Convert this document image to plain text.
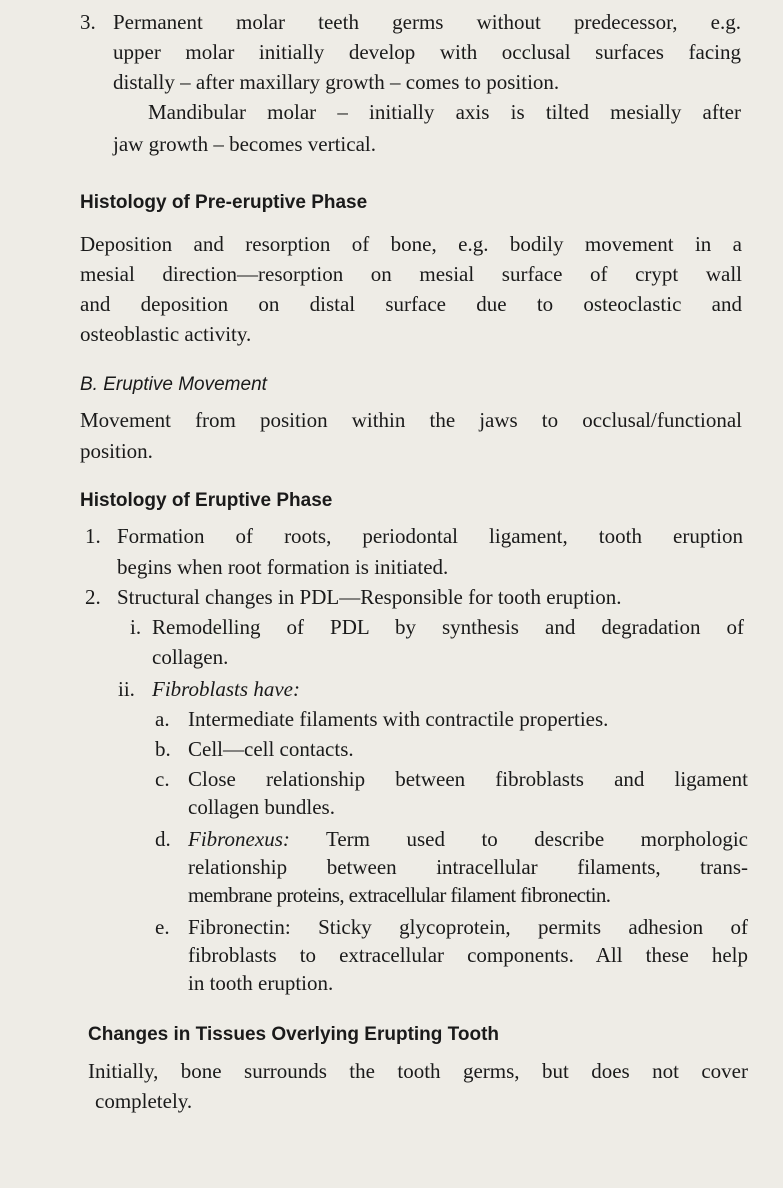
3. Permanent molar teeth germs without predecessor, e.g.
upper molar initially develop with occlusal surfaces facing
distally – after maxillary growth – comes to position.
Mandibular molar – initially axis is tilted mesially after
jaw growth – becomes vertical.
Histology of Pre-eruptive Phase
Deposition and resorption of bone, e.g. bodily movement in a
mesial direction—resorption on mesial surface of crypt wall
and deposition on distal surface due to osteoclastic and
osteoblastic activity.
B. Eruptive Movement
Movement from position within the jaws to occlusal/functional
position.
Histology of Eruptive Phase
1. Formation of roots, periodontal ligament, tooth eruption
begins when root formation is initiated.
2. Structural changes in PDL—Responsible for tooth eruption.
i. Remodelling of PDL by synthesis and degradation of
collagen.
ii. Fibroblasts have:
a. Intermediate filaments with contractile properties.
b. Cell—cell contacts.
c. Close relationship between fibroblasts and ligament
collagen bundles.
d. Fibronexus: Term used to describe morphologic
relationship between intracellular filaments, trans-
membrane proteins, extracellular filament fibronectin.
e. Fibronectin: Sticky glycoprotein, permits adhesion of
fibroblasts to extracellular components. All these help
in tooth eruption.
Changes in Tissues Overlying Erupting Tooth
Initially, bone surrounds the tooth germs, but does not cover
completely.
